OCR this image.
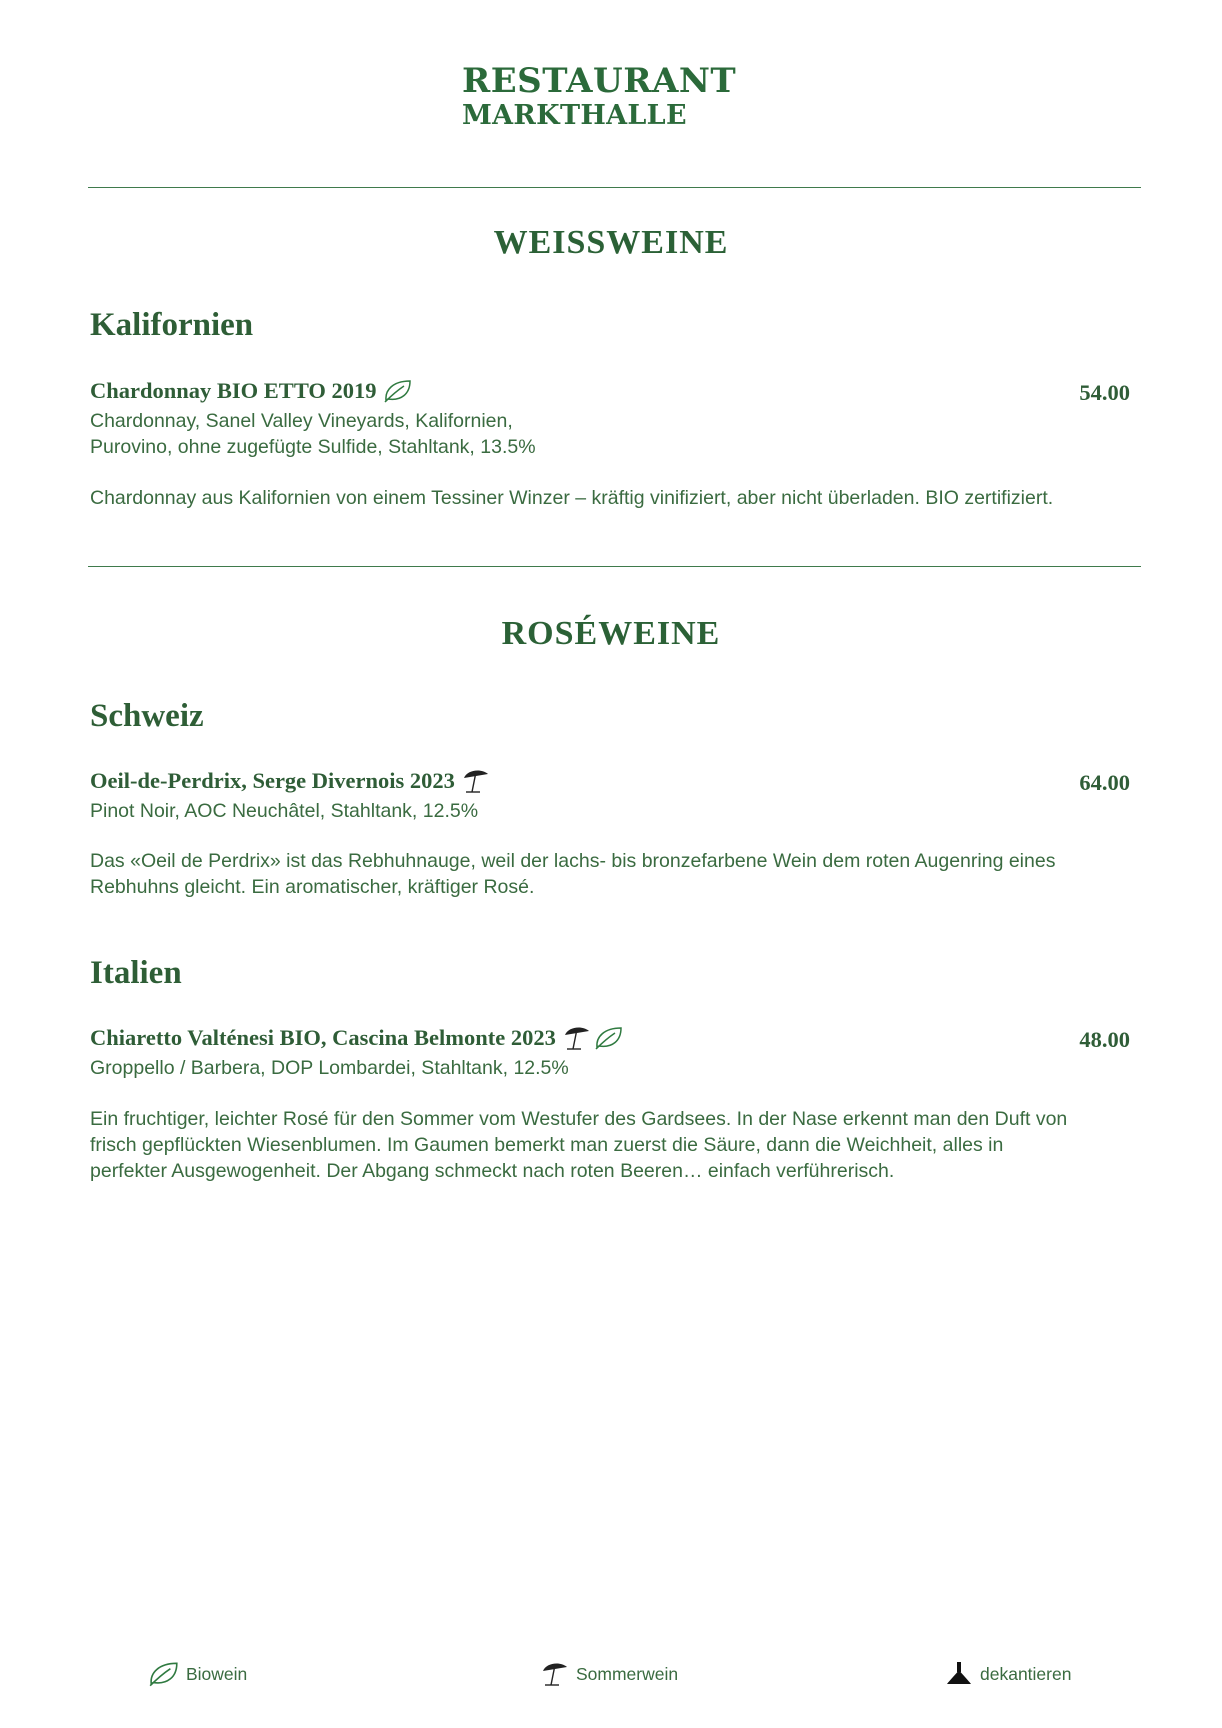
RESTAURANT
MARKTHALLE
WEISSWEINE
Kalifornien
Chardonnay BIO ETTO 2019	54.00
Chardonnay, Sanel Valley Vineyards, Kalifornien,
Purovino, ohne zugefügte Sulfide, Stahltank, 13.5%
Chardonnay aus Kalifornien von einem Tessiner Winzer – kräftig vinifiziert, aber nicht überladen. BIO zertifiziert.
ROSÉWEINE
Schweiz
Oeil-de-Perdrix, Serge Divernois 2023	64.00
Pinot Noir, AOC Neuchâtel, Stahltank, 12.5%
Das «Oeil de Perdrix» ist das Rebhuhnauge, weil der lachs- bis bronzefarbene Wein dem roten Augenring eines Rebhuhns gleicht. Ein aromatischer, kräftiger Rosé.
Italien
Chiaretto Valténesi BIO, Cascina Belmonte 2023	48.00
Groppello / Barbera, DOP Lombardei, Stahltank, 12.5%
Ein fruchtiger, leichter Rosé für den Sommer vom Westufer des Gardsees. In der Nase erkennt man den Duft von frisch gepflückten Wiesenblumen. Im Gaumen bemerkt man zuerst die Säure, dann die Weichheit, alles in perfekter Ausgewogenheit. Der Abgang schmeckt nach roten Beeren… einfach verführerisch.
Biowein	Sommerwein	dekantieren
